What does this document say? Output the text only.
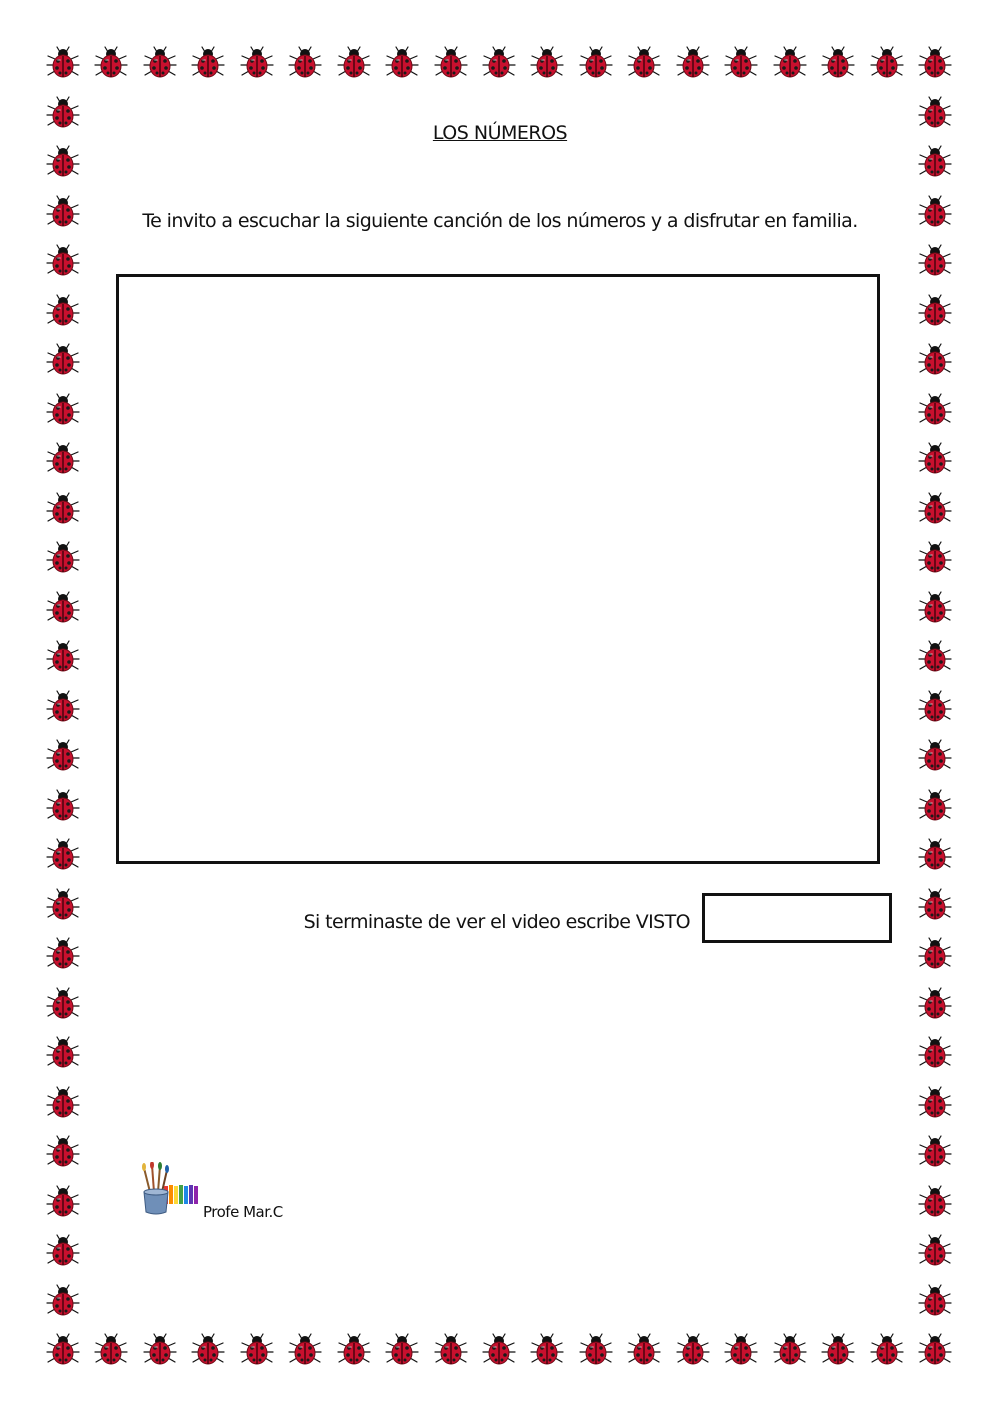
LOS NÚMEROS
Te invito a escuchar la siguiente canción de los números y a disfrutar en familia.
Si terminaste de ver el video escribe VISTO
Profe Mar.C
